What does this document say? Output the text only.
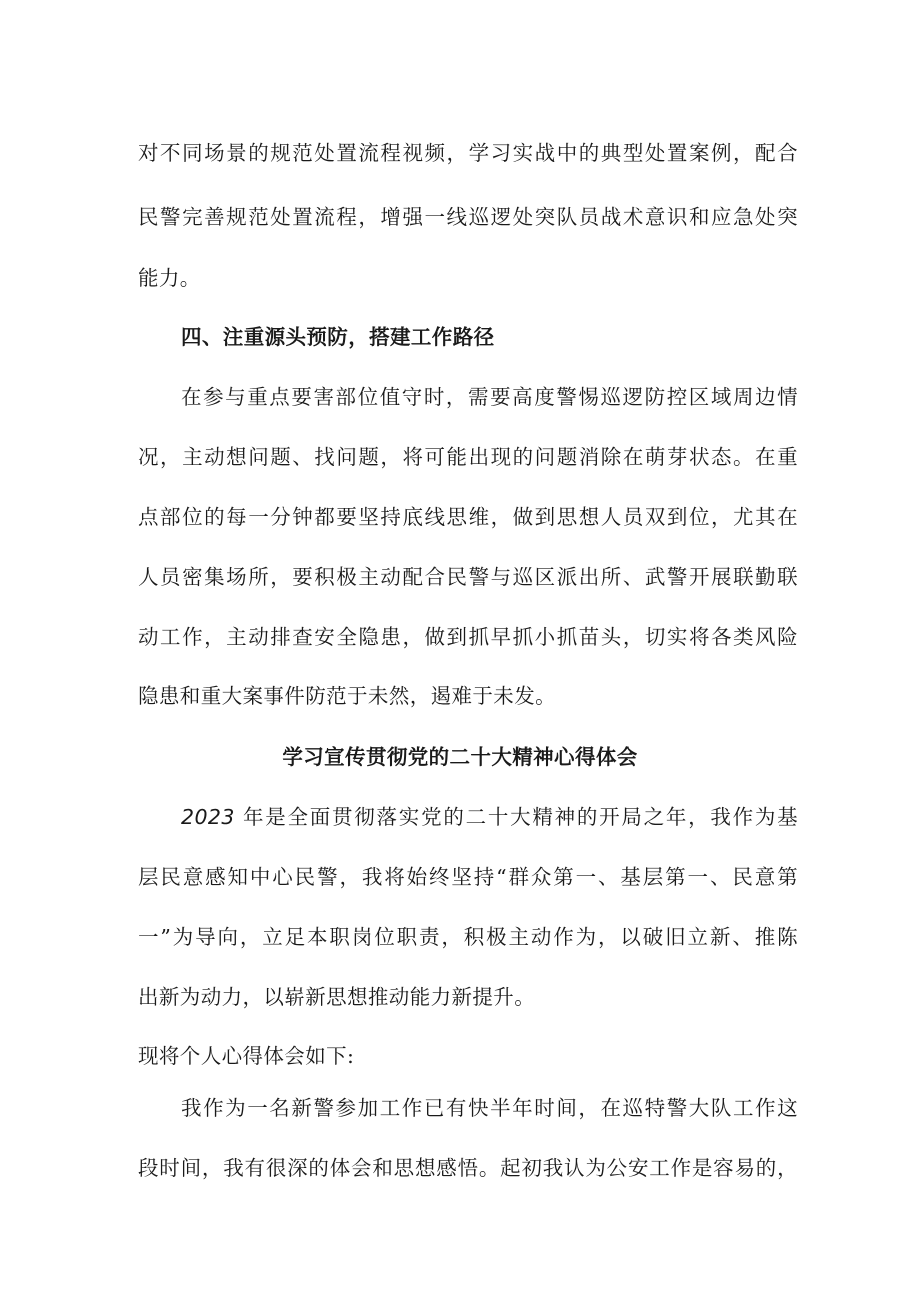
对不同场景的规范处置流程视频，学习实战中的典型处置案例，配合
民警完善规范处置流程，增强一线巡逻处突队员战术意识和应急处突
能力。
四、注重源头预防，搭建工作路径
在参与重点要害部位值守时，需要高度警惕巡逻防控区域周边情
况，主动想问题、找问题，将可能出现的问题消除在萌芽状态。在重
点部位的每一分钟都要坚持底线思维，做到思想人员双到位，尤其在
人员密集场所，要积极主动配合民警与巡区派出所、武警开展联勤联
动工作，主动排查安全隐患，做到抓早抓小抓苗头，切实将各类风险
隐患和重大案事件防范于未然，遏难于未发。
学习宣传贯彻党的二十大精神心得体会
2023 年是全面贯彻落实党的二十大精神的开局之年，我作为基
层民意感知中心民警，我将始终坚持“群众第一、基层第一、民意第
一”为导向，立足本职岗位职责，积极主动作为，以破旧立新、推陈
出新为动力，以崭新思想推动能力新提升。
现将个人心得体会如下:
我作为一名新警参加工作已有快半年时间，在巡特警大队工作这
段时间，我有很深的体会和思想感悟。起初我认为公安工作是容易的，
